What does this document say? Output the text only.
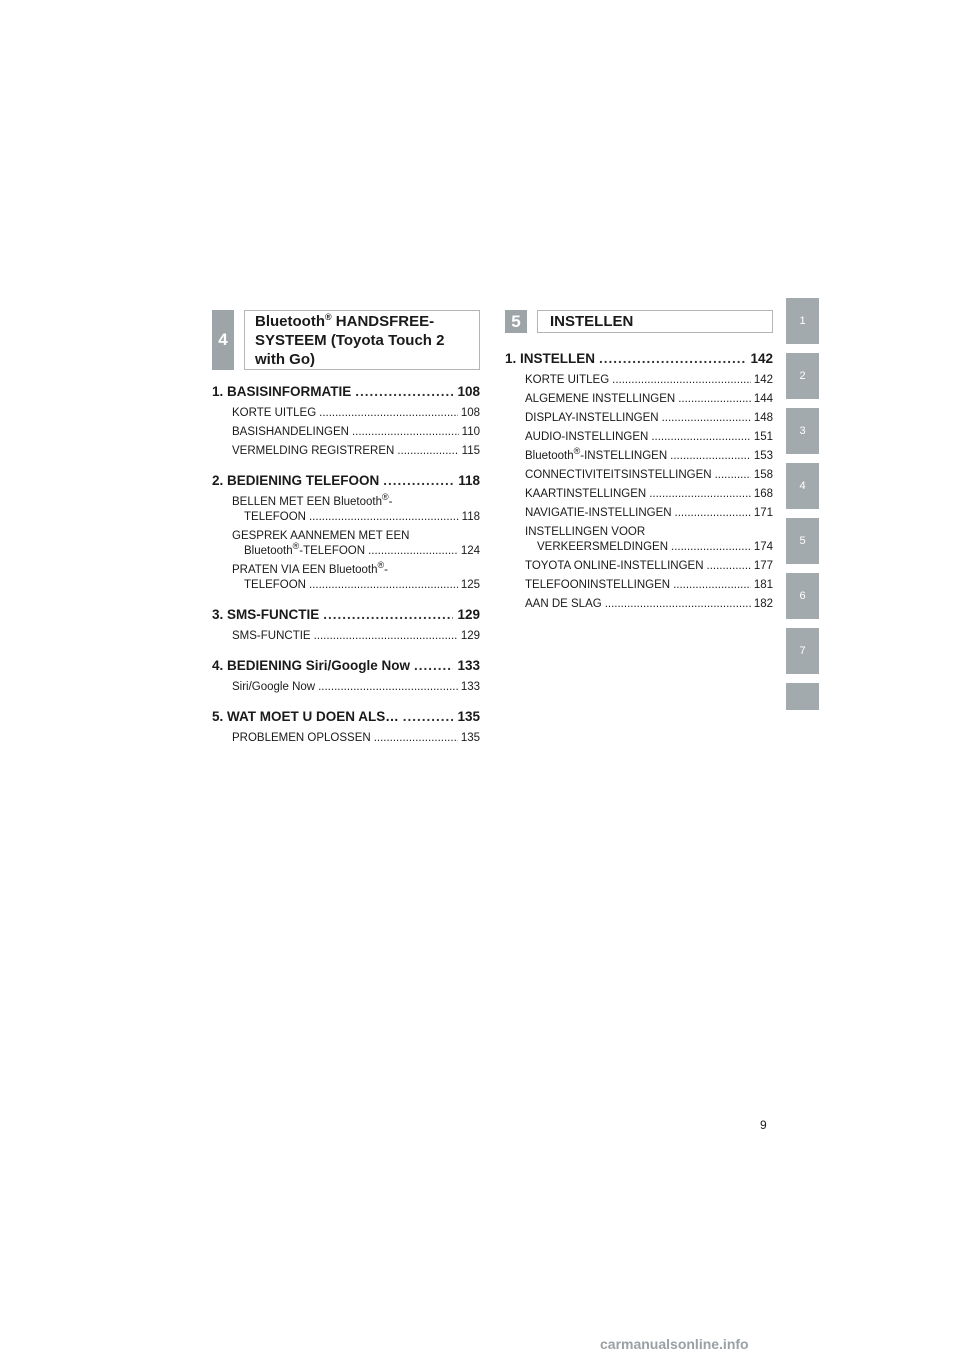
4
Bluetooth® HANDSFREE-SYSTEEM (Toyota Touch 2 with Go)
1. BASISINFORMATIE .....	108
KORTE UITLEG .....	108
BASISHANDELINGEN .....	110
VERMELDING REGISTREREN .....	115
2. BEDIENING TELEFOON .....	118
BELLEN MET EEN Bluetooth®-
TELEFOON .....	118
GESPREK AANNEMEN MET EEN
Bluetooth®-TELEFOON .....	124
PRATEN VIA EEN Bluetooth®-
TELEFOON .....	125
3. SMS-FUNCTIE .....	129
SMS-FUNCTIE .....	129
4. BEDIENING Siri/Google Now .....	133
Siri/Google Now .....	133
5. WAT MOET U DOEN ALS… .....	135
PROBLEMEN OPLOSSEN .....	135
5	INSTELLEN
1. INSTELLEN .....	142
KORTE UITLEG .....	142
ALGEMENE INSTELLINGEN .....	144
DISPLAY-INSTELLINGEN .....	148
AUDIO-INSTELLINGEN .....	151
Bluetooth®-INSTELLINGEN .....	153
CONNECTIVITEITSINSTELLINGEN .....	158
KAARTINSTELLINGEN .....	168
NAVIGATIE-INSTELLINGEN .....	171
INSTELLINGEN VOOR
VERKEERSMELDINGEN .....	174
TOYOTA ONLINE-INSTELLINGEN .....	177
TELEFOONINSTELLINGEN .....	181
AAN DE SLAG .....	182
1
2
3
4
5
6
7
9
carmanualsonline.info
